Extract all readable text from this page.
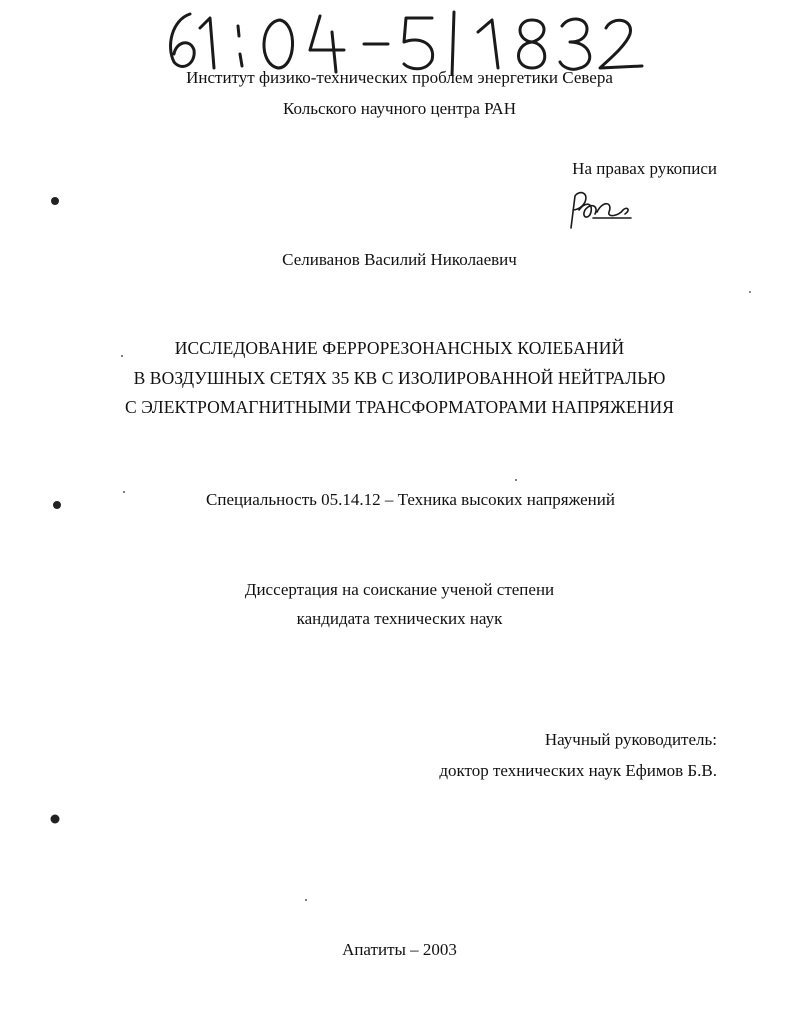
Институт физико-технических проблем энергетики Севера
Кольского научного центра РАН
На правах рукописи
Селиванов Василий Николаевич
ИССЛЕДОВАНИЕ ФЕРРОРЕЗОНАНСНЫХ КОЛЕБАНИЙ
В ВОЗДУШНЫХ СЕТЯХ 35 КВ С ИЗОЛИРОВАННОЙ НЕЙТРАЛЬЮ
С ЭЛЕКТРОМАГНИТНЫМИ ТРАНСФОРМАТОРАМИ НАПРЯЖЕНИЯ
Специальность 05.14.12 – Техника высоких напряжений
Диссертация на соискание ученой степени
кандидата технических наук
Научный руководитель:
доктор технических наук Ефимов Б.В.
Апатиты – 2003
